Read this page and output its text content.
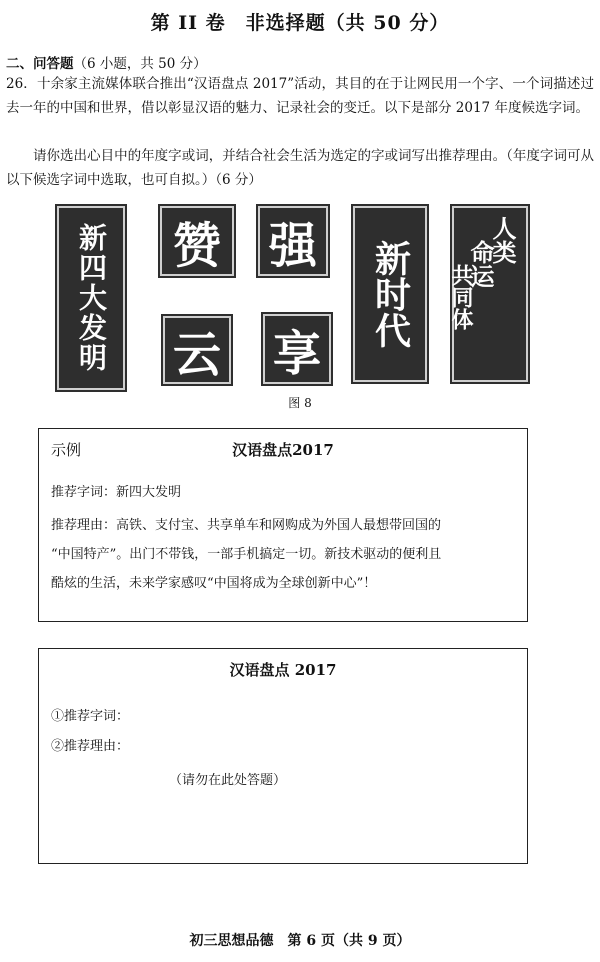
第 II 卷　非选择题（共 50 分）
二、问答题（6 小题，共 50 分）
26．十余家主流媒体联合推出“汉语盘点 2017”活动，其目的在于让网民用一个字、一个词描述过去一年的中国和世界，借以彰显汉语的魅力、记录社会的变迁。以下是部分 2017 年度候选字词。
请你选出心目中的年度字或词，并结合社会生活为选定的字或词写出推荐理由。（年度字词可从以下候选字词中选取，也可自拟。）（6 分）
新四大发明	赞 强	新时代	人类
命运
共同体
云 享
图 8
示例	汉语盘点2017
推荐字词：新四大发明
推荐理由：高铁、支付宝、共享单车和网购成为外国人最想带回国的
“中国特产”。出门不带钱，一部手机搞定一切。新技术驱动的便利且
酷炫的生活，未来学家感叹“中国将成为全球创新中心”！
汉语盘点 2017
①推荐字词：
②推荐理由：
（请勿在此处答题）
初三思想品德　第 6 页（共 9 页）
